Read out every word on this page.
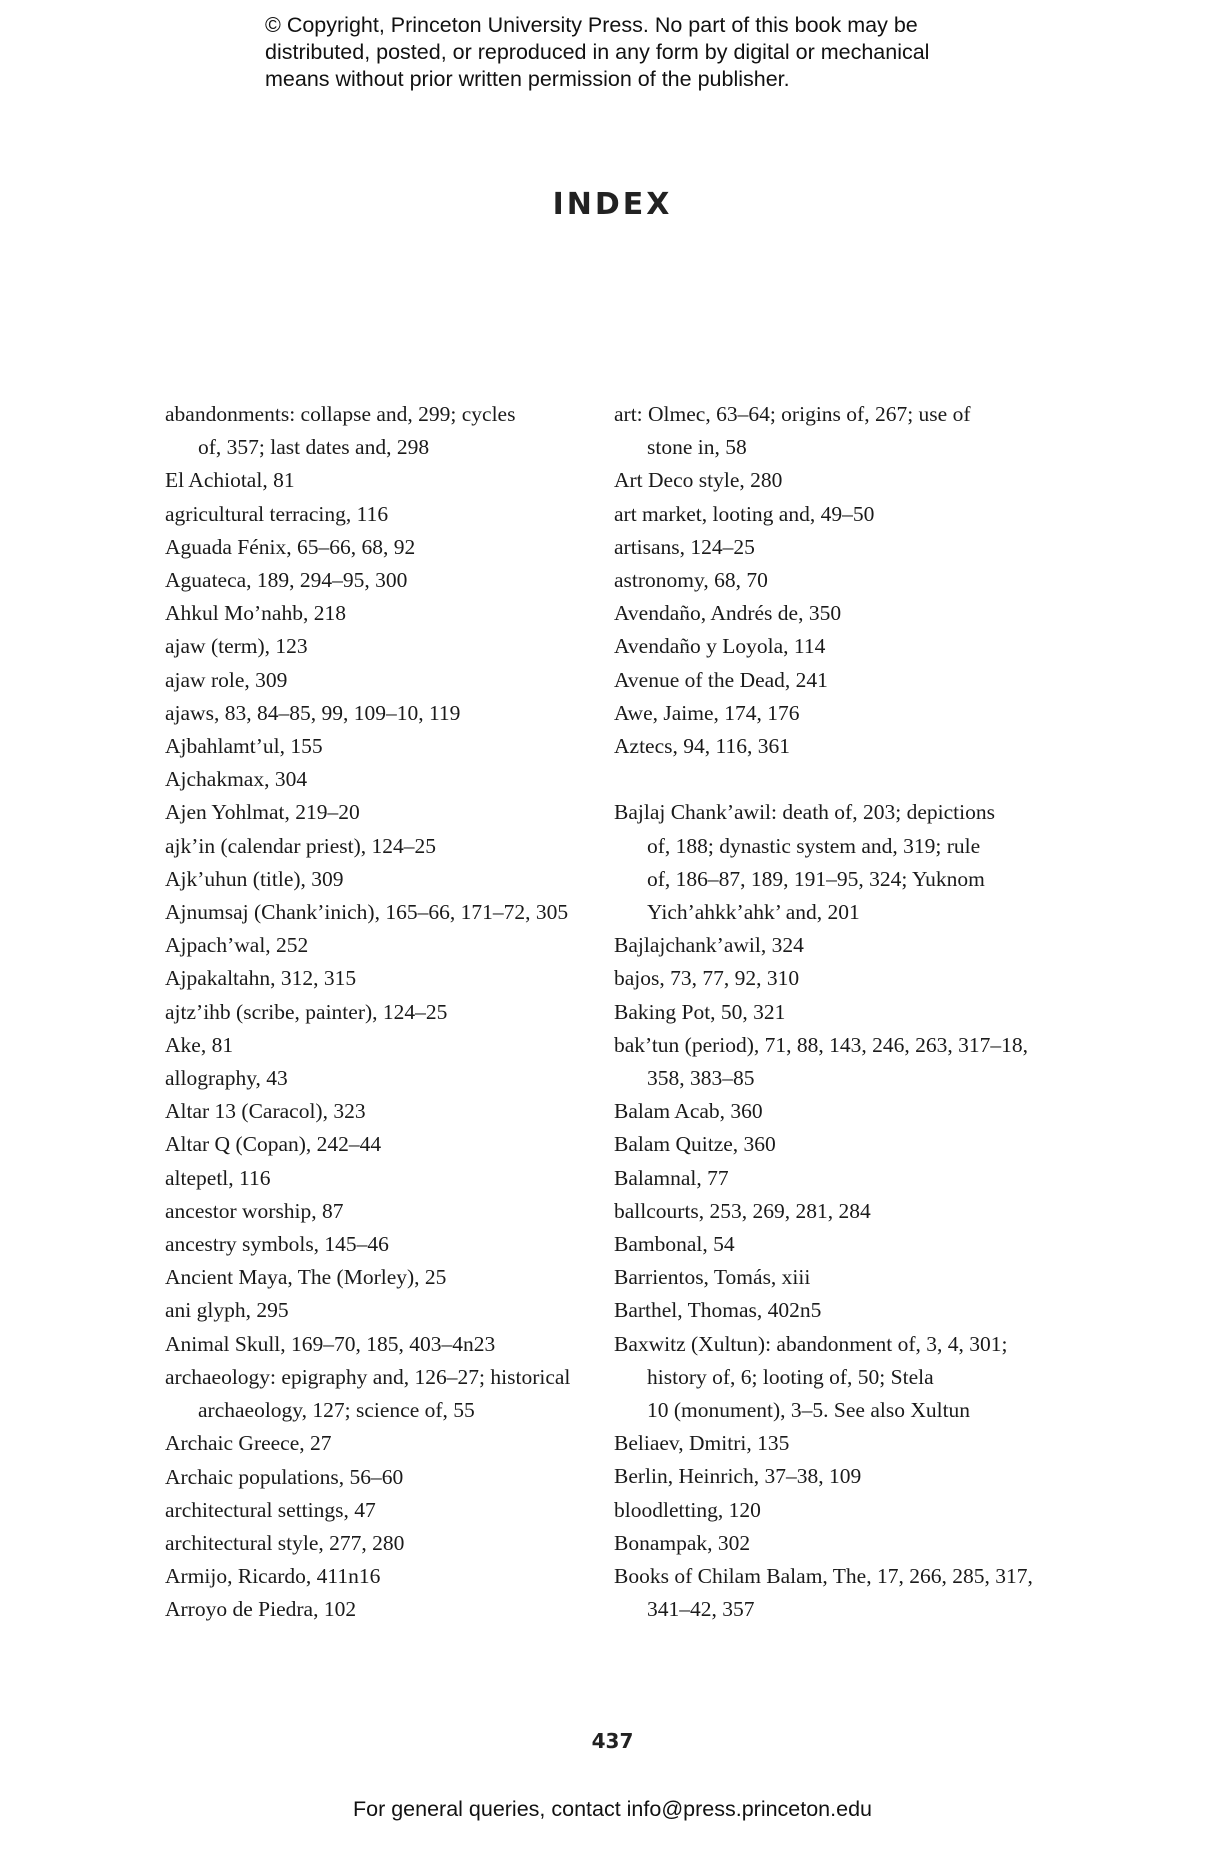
© Copyright, Princeton University Press. No part of this book may be
distributed, posted, or reproduced in any form by digital or mechanical
means without prior written permission of the publisher.
INDEX

abandonments: collapse and, 299; cycles
of, 357; last dates and, 298

El Achiotal, 81

agricultural terracing, 116

Aguada Fénix, 65–66, 68, 92

Aguateca, 189, 294–95, 300

Ahkul Mo’nahb, 218

ajaw (term), 123

ajaw role, 309

ajaws, 83, 84–85, 99, 109–10, 119

Ajbahlamt’ul, 155

Ajchakmax, 304

Ajen Yohlmat, 219–20

ajk’in (calendar priest), 124–25

Ajk’uhun (title), 309

Ajnumsaj (Chank’inich), 165–66, 171–72, 305

Ajpach’wal, 252

Ajpakaltahn, 312, 315

ajtz’ihb (scribe, painter), 124–25

Ake, 81

allography, 43

Altar 13 (Caracol), 323

Altar Q (Copan), 242–44

altepetl, 116

ancestor worship, 87

ancestry symbols, 145–46

Ancient Maya, The (Morley), 25

ani glyph, 295

Animal Skull, 169–70, 185, 403–4n23

archaeology: epigraphy and, 126–27; historical
archaeology, 127; science of, 55

Archaic Greece, 27

Archaic populations, 56–60

architectural settings, 47

architectural style, 277, 280

Armijo, Ricardo, 411n16

Arroyo de Piedra, 102

art: Olmec, 63–64; origins of, 267; use of
stone in, 58

Art Deco style, 280

art market, looting and, 49–50

artisans, 124–25

astronomy, 68, 70

Avendaño, Andrés de, 350

Avendaño y Loyola, 114

Avenue of the Dead, 241

Awe, Jaime, 174, 176

Aztecs, 94, 116, 361

Bajlaj Chank’awil: death of, 203; depictions
of, 188; dynastic system and, 319; rule
of, 186–87, 189, 191–95, 324; Yuknom
Yich’ahkk’ahk’ and, 201

Bajlajchank’awil, 324

bajos, 73, 77, 92, 310

Baking Pot, 50, 321

bak’tun (period), 71, 88, 143, 246, 263, 317–18,
358, 383–85

Balam Acab, 360

Balam Quitze, 360

Balamnal, 77

ballcourts, 253, 269, 281, 284

Bambonal, 54

Barrientos, Tomás, xiii

Barthel, Thomas, 402n5

Baxwitz (Xultun): abandonment of, 3, 4, 301;
history of, 6; looting of, 50; Stela
10 (monument), 3–5. See also Xultun

Beliaev, Dmitri, 135

Berlin, Heinrich, 37–38, 109

bloodletting, 120

Bonampak, 302

Books of Chilam Balam, The, 17, 266, 285, 317,
341–42, 357

437
For general queries, contact info@press.princeton.edu
